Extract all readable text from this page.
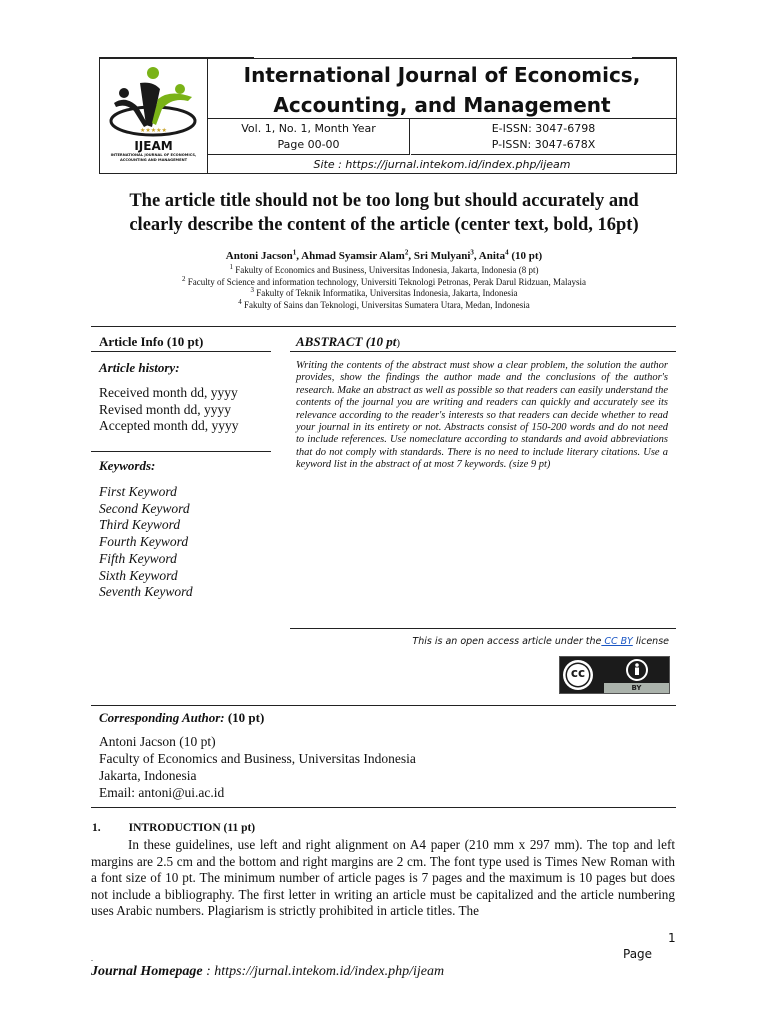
★★★★★
IJEAM
INTERNATIONAL JOURNAL OF ECONOMICS,
ACCOUNTING AND MANAGEMENT
International Journal of Economics,
Accounting, and Management
Vol. 1, No. 1, Month Year
Page 00-00
E-ISSN: 3047-6798
P-ISSN: 3047-678X
Site : https://jurnal.intekom.id/index.php/ijeam
The article title should not be too long but should accurately and
clearly describe the content of the article (center text, bold, 16pt)
Antoni Jacson$^1$, Ahmad Syamsir Alam$^2$, Sri Mulyani$^3$, Anita$^4$ (10 pt)
$^1$ Fakulty of Economics and Business, Universitas Indonesia, Jakarta, Indonesia (8 pt)
$^2$ Faculty of Science and information technology, Universiti Teknologi Petronas, Perak Darul Ridzuan, Malaysia
$^3$ Fakulty of Teknik Informatika, Universitas Indonesia, Jakarta, Indonesia
$^4$ Fakulty of Sains dan Teknologi, Universitas Sumatera Utara, Medan, Indonesia
Article Info (10 pt)	ABSTRACT (10 pt)
Article history:
Received month dd, yyyy
Revised month dd, yyyy
Accepted month dd, yyyy
Writing the contents of the abstract must show a clear problem, the solution the author provides, show the findings the author made and the conclusions of the author's research. Make an abstract as well as possible so that readers can easily understand the contents of the journal you are writing and readers can quickly and accurately see its relevance according to the reader's interests so that readers can decide whether to read your journal in its entirety or not. Abstracts consist of 150-200 words and do not need to include references. Use nomeclature according to standards and avoid abbreviations that do not comply with standards. There is no need to include literary citations. Use a keyword list in the abstract of at most 7 keywords. (size 9 pt)
Keywords:
First Keyword
Second Keyword
Third Keyword
Fourth Keyword
Fifth Keyword
Sixth Keyword
Seventh Keyword
This is an open access article under the CC BY license
cc
BY
Corresponding Author: (10 pt)
Antoni Jacson (10 pt)
Faculty of Economics and Business, Universitas Indonesia
Jakarta, Indonesia
Email: antoni@ui.ac.id
1. INTRODUCTION (11 pt)
In these guidelines, use left and right alignment on A4 paper (210 mm x 297 mm). The top and left margins are 2.5 cm and the bottom and right margins are 2 cm. The font type used is Times New Roman with a font size of 10 pt. The minimum number of article pages is 7 pages and the maximum is 10 pages but does not include a bibliography. The first letter in writing an article must be capitalized and the article numbering uses Arabic numbers. Plagiarism is strictly prohibited in article titles. The
1
Page
.
Journal Homepage : https://jurnal.intekom.id/index.php/ijeam
